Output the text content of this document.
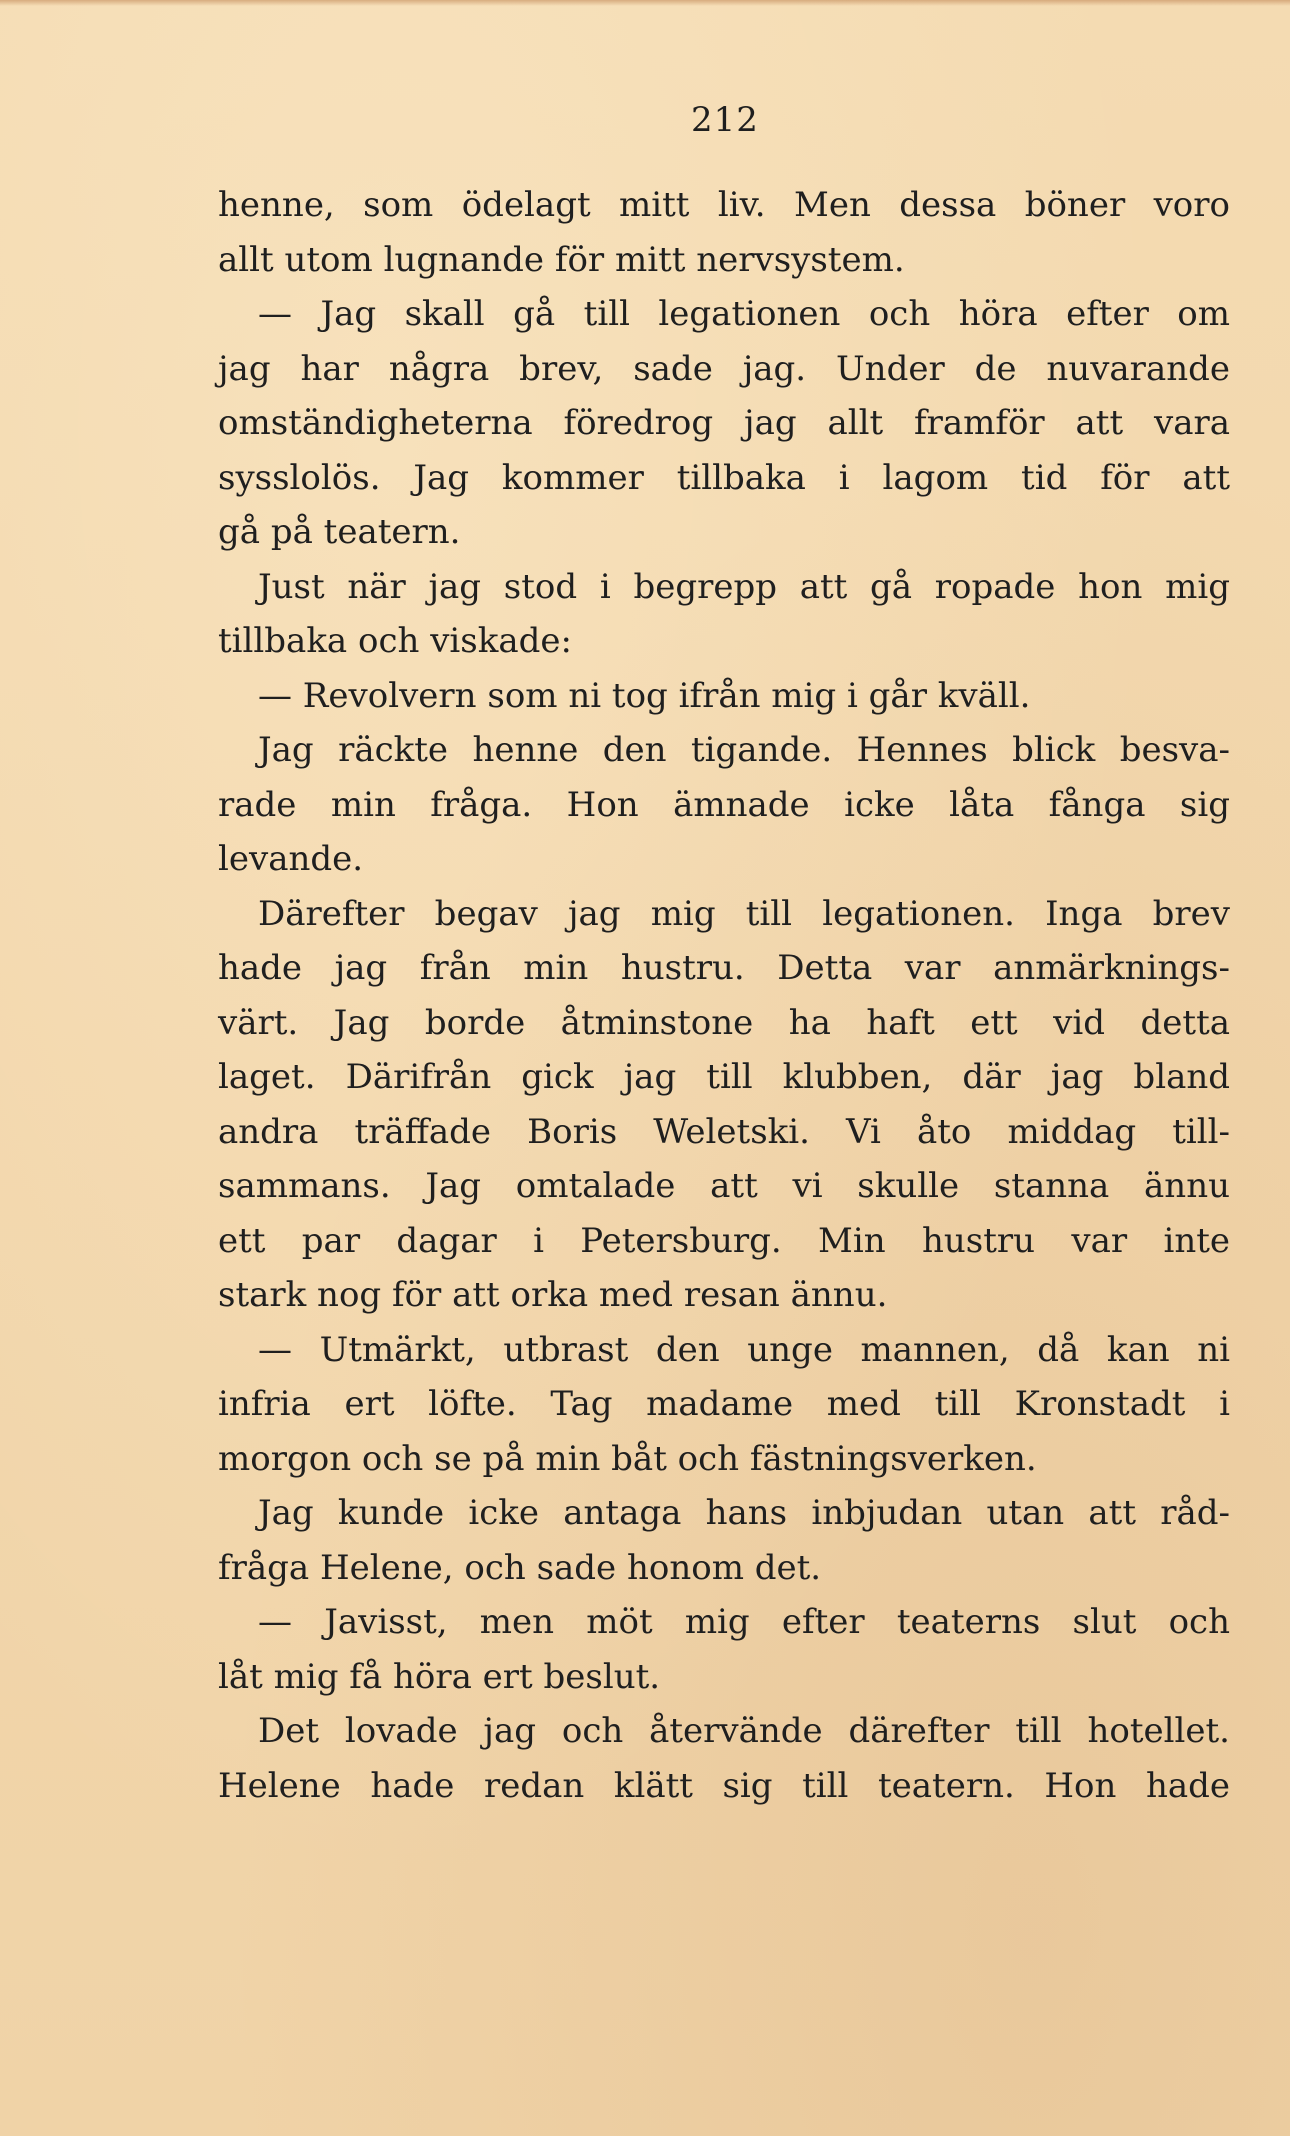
212
henne, som ödelagt mitt liv. Men dessa böner voro
allt utom lugnande för mitt nervsystem.
— Jag skall gå till legationen och höra efter om
jag har några brev, sade jag. Under de nuvarande
omständigheterna föredrog jag allt framför att vara
sysslolös. Jag kommer tillbaka i lagom tid för att
gå på teatern.
Just när jag stod i begrepp att gå ropade hon mig
tillbaka och viskade:
— Revolvern som ni tog ifrån mig i går kväll.
Jag räckte henne den tigande. Hennes blick besva-
rade min fråga. Hon ämnade icke låta fånga sig
levande.
Därefter begav jag mig till legationen. Inga brev
hade jag från min hustru. Detta var anmärknings-
värt. Jag borde åtminstone ha haft ett vid detta
laget. Därifrån gick jag till klubben, där jag bland
andra träffade Boris Weletski. Vi åto middag till-
sammans. Jag omtalade att vi skulle stanna ännu
ett par dagar i Petersburg. Min hustru var inte
stark nog för att orka med resan ännu.
— Utmärkt, utbrast den unge mannen, då kan ni
infria ert löfte. Tag madame med till Kronstadt i
morgon och se på min båt och fästningsverken.
Jag kunde icke antaga hans inbjudan utan att råd-
fråga Helene, och sade honom det.
— Javisst, men möt mig efter teaterns slut och
låt mig få höra ert beslut.
Det lovade jag och återvände därefter till hotellet.
Helene hade redan klätt sig till teatern. Hon hade
